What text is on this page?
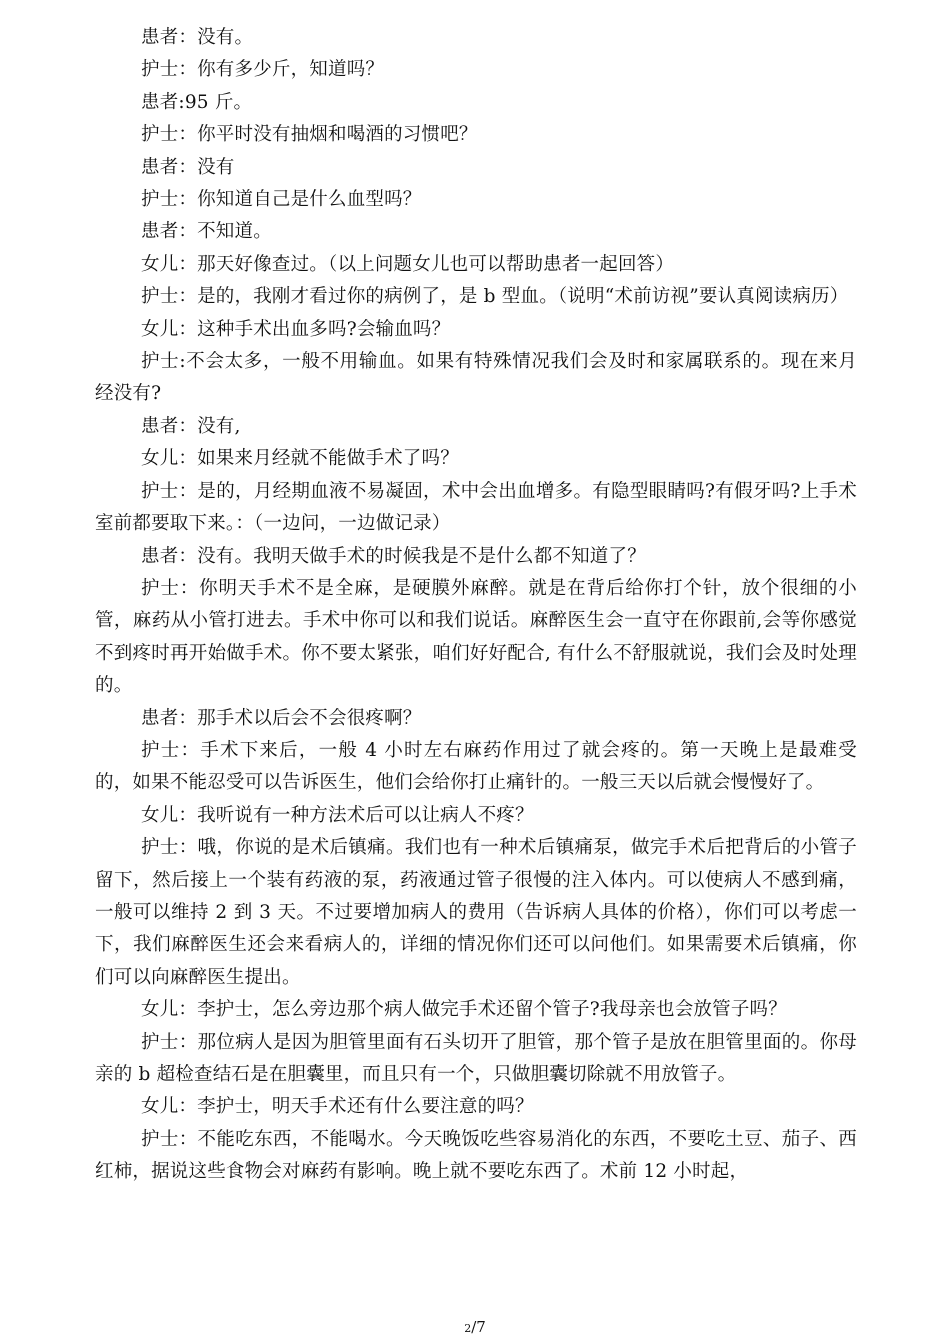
患者：没有。

护士：你有多少斤，知道吗？

患者:95 斤。

护士：你平时没有抽烟和喝酒的习惯吧？

患者：没有

护士：你知道自己是什么血型吗？

患者：不知道。

女儿：那天好像查过。（以上问题女儿也可以帮助患者一起回答）

护士：是的，我刚才看过你的病例了，是 b 型血。（说明“术前访视”要认真阅读病历）

女儿：这种手术出血多吗?会输血吗？

护士:不会太多，一般不用输血。如果有特殊情况我们会及时和家属联系的。现在来月经没有?

患者：没有,

女儿：如果来月经就不能做手术了吗？

护士：是的，月经期血液不易凝固，术中会出血增多。有隐型眼睛吗?有假牙吗?上手术室前都要取下来。：（一边问，一边做记录）

患者：没有。我明天做手术的时候我是不是什么都不知道了？

护士：你明天手术不是全麻，是硬膜外麻醉。就是在背后给你打个针，放个很细的小管，麻药从小管打进去。手术中你可以和我们说话。麻醉医生会一直守在你跟前,会等你感觉不到疼时再开始做手术。你不要太紧张，咱们好好配合, 有什么不舒服就说，我们会及时处理的。

患者：那手术以后会不会很疼啊？

护士：手术下来后，一般 4 小时左右麻药作用过了就会疼的。第一天晚上是最难受的，如果不能忍受可以告诉医生，他们会给你打止痛针的。一般三天以后就会慢慢好了。

女儿：我听说有一种方法术后可以让病人不疼？

护士：哦，你说的是术后镇痛。我们也有一种术后镇痛泵，做完手术后把背后的小管子留下，然后接上一个装有药液的泵，药液通过管子很慢的注入体内。可以使病人不感到痛，一般可以维持 2 到 3 天。不过要增加病人的费用（告诉病人具体的价格），你们可以考虑一下，我们麻醉医生还会来看病人的，详细的情况你们还可以问他们。如果需要术后镇痛，你们可以向麻醉医生提出。

女儿：李护士，怎么旁边那个病人做完手术还留个管子?我母亲也会放管子吗？

护士：那位病人是因为胆管里面有石头切开了胆管，那个管子是放在胆管里面的。你母亲的 b 超检查结石是在胆囊里，而且只有一个，只做胆囊切除就不用放管子。

女儿：李护士，明天手术还有什么要注意的吗？

护士：不能吃东西，不能喝水。今天晚饭吃些容易消化的东西，不要吃土豆、茄子、西红柿，据说这些食物会对麻药有影响。晚上就不要吃东西了。术前 12 小时起，

2/7
